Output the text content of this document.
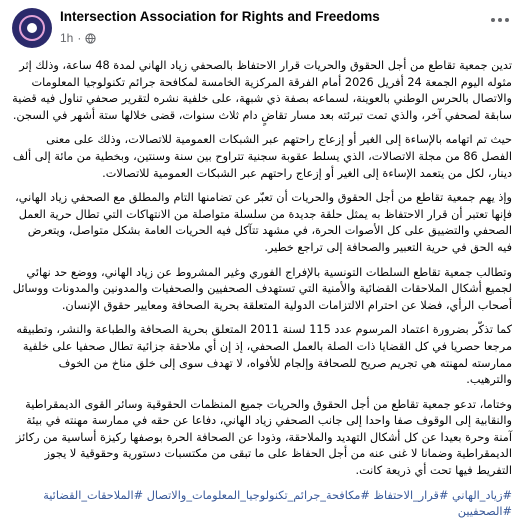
Intersection Association for Rights and Freedoms
1h ·

تدين جمعية تقاطع من أجل الحقوق والحريات قرار الاحتفاظ بالصحفي زياد الهاني لمدة 48 ساعة، وذلك إثر مثوله اليوم الجمعة 24 أفريل 2026 أمام الفرقة المركزية الخامسة لمكافحة جرائم تكنولوجيا المعلومات والاتصال بالحرس الوطني بالعوينة، لسماعه بصفة ذي شبهة، على خلفية نشره لتقرير صحفي تناول فيه قضية سابقة لصحفي آخر، والذي تمت تبرئته بعد مسار تقاضٍ دام ثلاث سنوات، قضى خلالها ستة أشهر في السجن.

حيث تم اتهامه بالإساءة إلى الغير أو إزعاج راحتهم عبر الشبكات العمومية للاتصالات، وذلك على معنى الفصل 86 من مجلة الاتصالات، الذي يسلط عقوبة سجنية تتراوح بين سنة وسنتين، وبخطية من مائة إلى ألف دينار، لكل من يتعمد الإساءة إلى الغير أو إزعاج راحتهم عبر الشبكات العمومية للاتصالات.

وإذ يهم جمعية تقاطع من أجل الحقوق والحريات أن تعبّر عن تضامنها التام والمطلق مع الصحفي زياد الهاني، فإنها تعتبر أن قرار الاحتفاظ به يمثل حلقة جديدة من سلسلة متواصلة من الانتهاكات التي تطال حرية العمل الصحفي والتضييق على كل الأصوات الحرة، في مشهد تتآكل فيه الحريات العامة بشكل متواصل، ويتعرض فيه الحق في حرية التعبير والصحافة إلى تراجع خطير.

وتطالب جمعية تقاطع السلطات التونسية بالإفراج الفوري وغير المشروط عن زياد الهاني، ووضع حد نهائي لجميع أشكال الملاحقات القضائية والأمنية التي تستهدف الصحفيين والصحفيات والمدونين والمدونات ووسائل أصحاب الرأي، فضلا عن احترام الالتزامات الدولية المتعلقة بحرية الصحافة ومعايير حقوق الإنسان.

كما تذكّر بضرورة اعتماد المرسوم عدد 115 لسنة 2011 المتعلق بحرية الصحافة والطباعة والنشر، وتطبيقه مرجعا حصريا في كل القضايا ذات الصلة بالعمل الصحفي، إذ إن أي ملاحقة جزائية تطال صحفيا على خلفية ممارسته لمهنته هي تجريم صريح للصحافة وإلجام للأفواه، لا تهدف سوى إلى خلق مناخ من الخوف والترهيب.

وختاما، تدعو جمعية تقاطع من أجل الحقوق والحريات جميع المنظمات الحقوقية وسائر القوى الديمقراطية والنقابية إلى الوقوف صفا واحدا إلى جانب الصحفي زياد الهاني، دفاعا عن حقه في ممارسة مهنته في بيئة آمنة وحرة بعيدا عن كل أشكال التهديد والملاحقة، وذودا عن الصحافة الحرة بوصفها ركيزة أساسية من ركائز الديمقراطية وضمانا لا غنى عنه من أجل الحفاظ على ما تبقى من مكتسبات دستورية وحقوقية لا يجوز التفريط فيها تحت أي ذريعة كانت.

#زياد_الهاني #قرار_الاحتفاظ #مكافحة_جرائم_تكنولوجيا_المعلومات_والاتصال #الملاحقات_القضائية #الصحفيين
